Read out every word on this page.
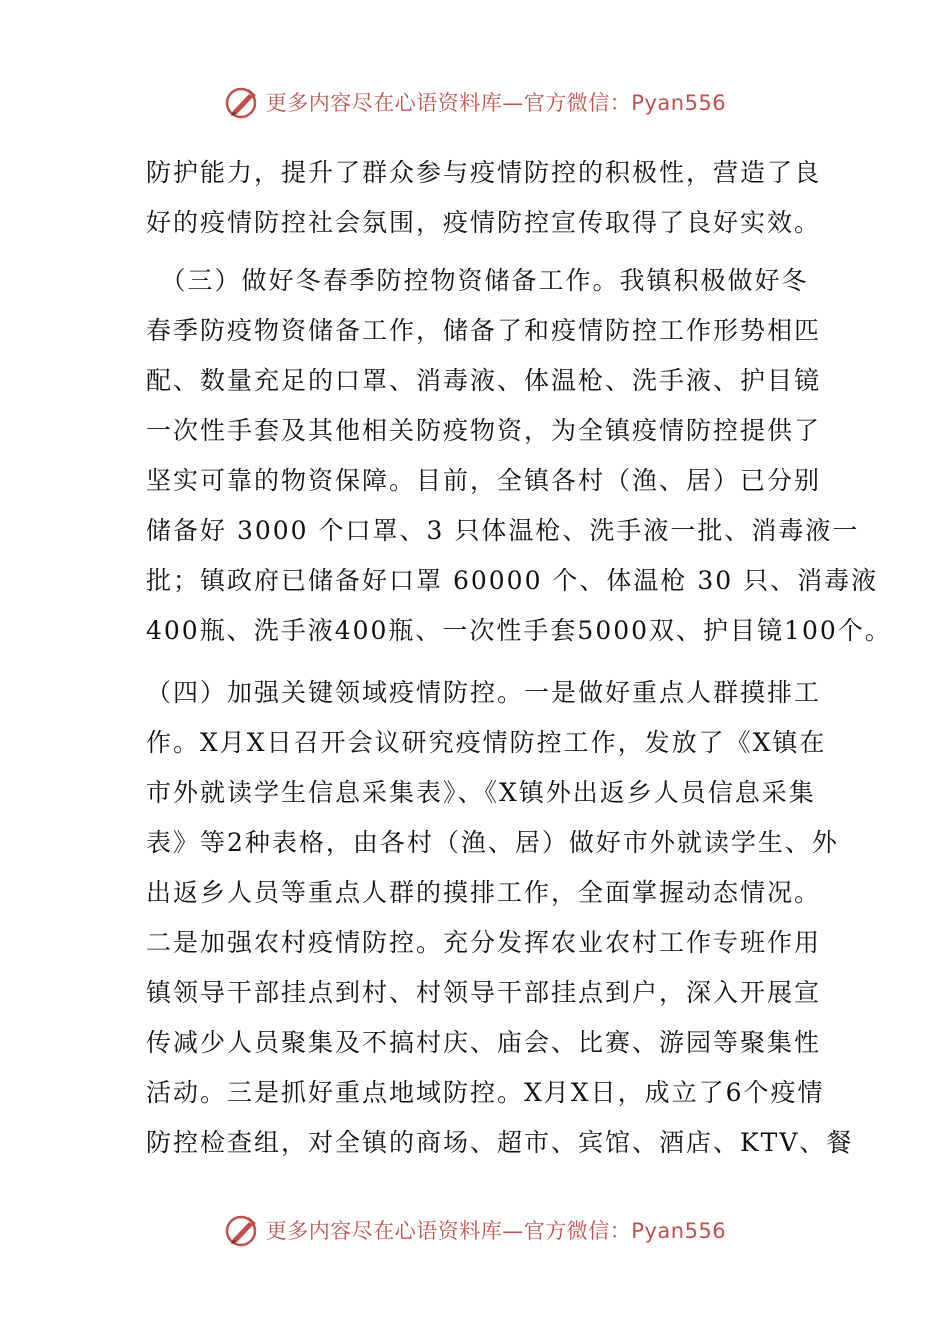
更多内容尽在心语资料库—官方微信：Pyan556
防护能力，提升了群众参与疫情防控的积极性，营造了良
好的疫情防控社会氛围，疫情防控宣传取得了良好实效。
　（三）做好冬春季防控物资储备工作。我镇积极做好冬
春季防疫物资储备工作，储备了和疫情防控工作形势相匹
配、数量充足的口罩、消毒液、体温枪、洗手液、护目镜
一次性手套及其他相关防疫物资，为全镇疫情防控提供了
坚实可靠的物资保障。目前，全镇各村（渔、居）已分别
储备好 3000 个口罩、3 只体温枪、洗手液一批、消毒液一
批；镇政府已储备好口罩 60000 个、体温枪 30 只、消毒液
400瓶、洗手液400瓶、一次性手套5000双、护目镜100个。
（四）加强关键领域疫情防控。一是做好重点人群摸排工
作。X月X日召开会议研究疫情防控工作，发放了《X镇在
市外就读学生信息采集表》、《X镇外出返乡人员信息采集
表》等2种表格，由各村（渔、居）做好市外就读学生、外
出返乡人员等重点人群的摸排工作，全面掌握动态情况。
二是加强农村疫情防控。充分发挥农业农村工作专班作用
镇领导干部挂点到村、村领导干部挂点到户，深入开展宣
传减少人员聚集及不搞村庆、庙会、比赛、游园等聚集性
活动。三是抓好重点地域防控。X月X日，成立了6个疫情
防控检查组，对全镇的商场、超市、宾馆、酒店、KTV、餐
更多内容尽在心语资料库—官方微信：Pyan556
